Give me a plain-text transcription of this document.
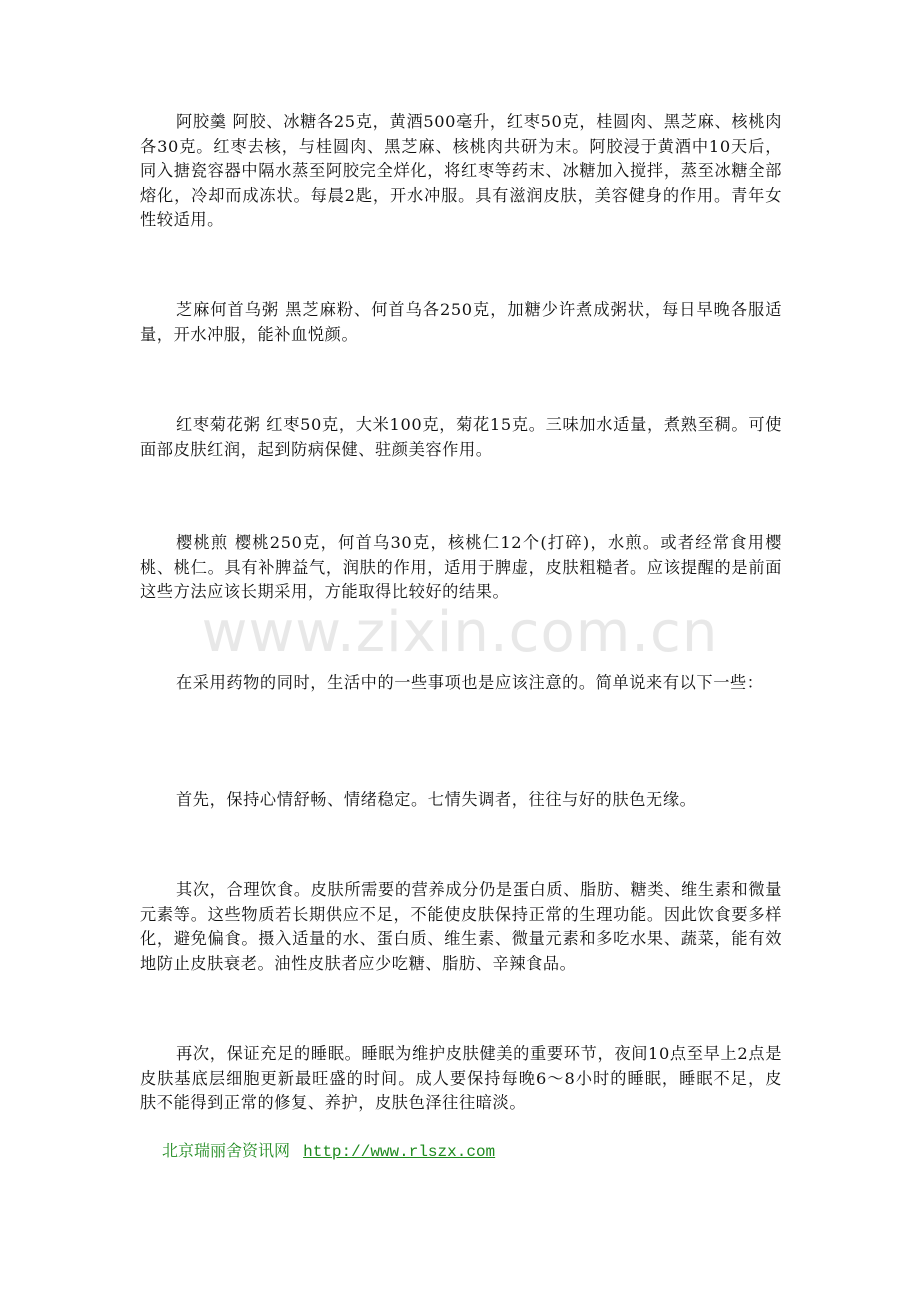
阿胶羹 阿胶、冰糖各25克，黄酒500毫升，红枣50克，桂圆肉、黑芝麻、核桃肉各30克。红枣去核，与桂圆肉、黑芝麻、核桃肉共研为末。阿胶浸于黄酒中10天后，同入搪瓷容器中隔水蒸至阿胶完全烊化，将红枣等药末、冰糖加入搅拌，蒸至冰糖全部熔化，冷却而成冻状。每晨2匙，开水冲服。具有滋润皮肤，美容健身的作用。青年女性较适用。

芝麻何首乌粥 黑芝麻粉、何首乌各250克，加糖少许煮成粥状，每日早晚各服适量，开水冲服，能补血悦颜。

红枣菊花粥 红枣50克，大米100克，菊花15克。三味加水适量，煮熟至稠。可使面部皮肤红润，起到防病保健、驻颜美容作用。

樱桃煎 樱桃250克，何首乌30克，核桃仁12个(打碎)，水煎。或者经常食用樱桃、桃仁。具有补脾益气，润肤的作用，适用于脾虚，皮肤粗糙者。应该提醒的是前面这些方法应该长期采用，方能取得比较好的结果。

www.zixin.com.cn

在采用药物的同时，生活中的一些事项也是应该注意的。简单说来有以下一些：

首先，保持心情舒畅、情绪稳定。七情失调者，往往与好的肤色无缘。

其次，合理饮食。皮肤所需要的营养成分仍是蛋白质、脂肪、糖类、维生素和微量元素等。这些物质若长期供应不足，不能使皮肤保持正常的生理功能。因此饮食要多样化，避免偏食。摄入适量的水、蛋白质、维生素、微量元素和多吃水果、蔬菜，能有效地防止皮肤衰老。油性皮肤者应少吃糖、脂肪、辛辣食品。

再次，保证充足的睡眠。睡眠为维护皮肤健美的重要环节，夜间10点至早上2点是皮肤基底层细胞更新最旺盛的时间。成人要保持每晚6～8小时的睡眠，睡眠不足，皮肤不能得到正常的修复、养护，皮肤色泽往往暗淡。

北京瑞丽舍资讯网 http://www.rlszx.com
